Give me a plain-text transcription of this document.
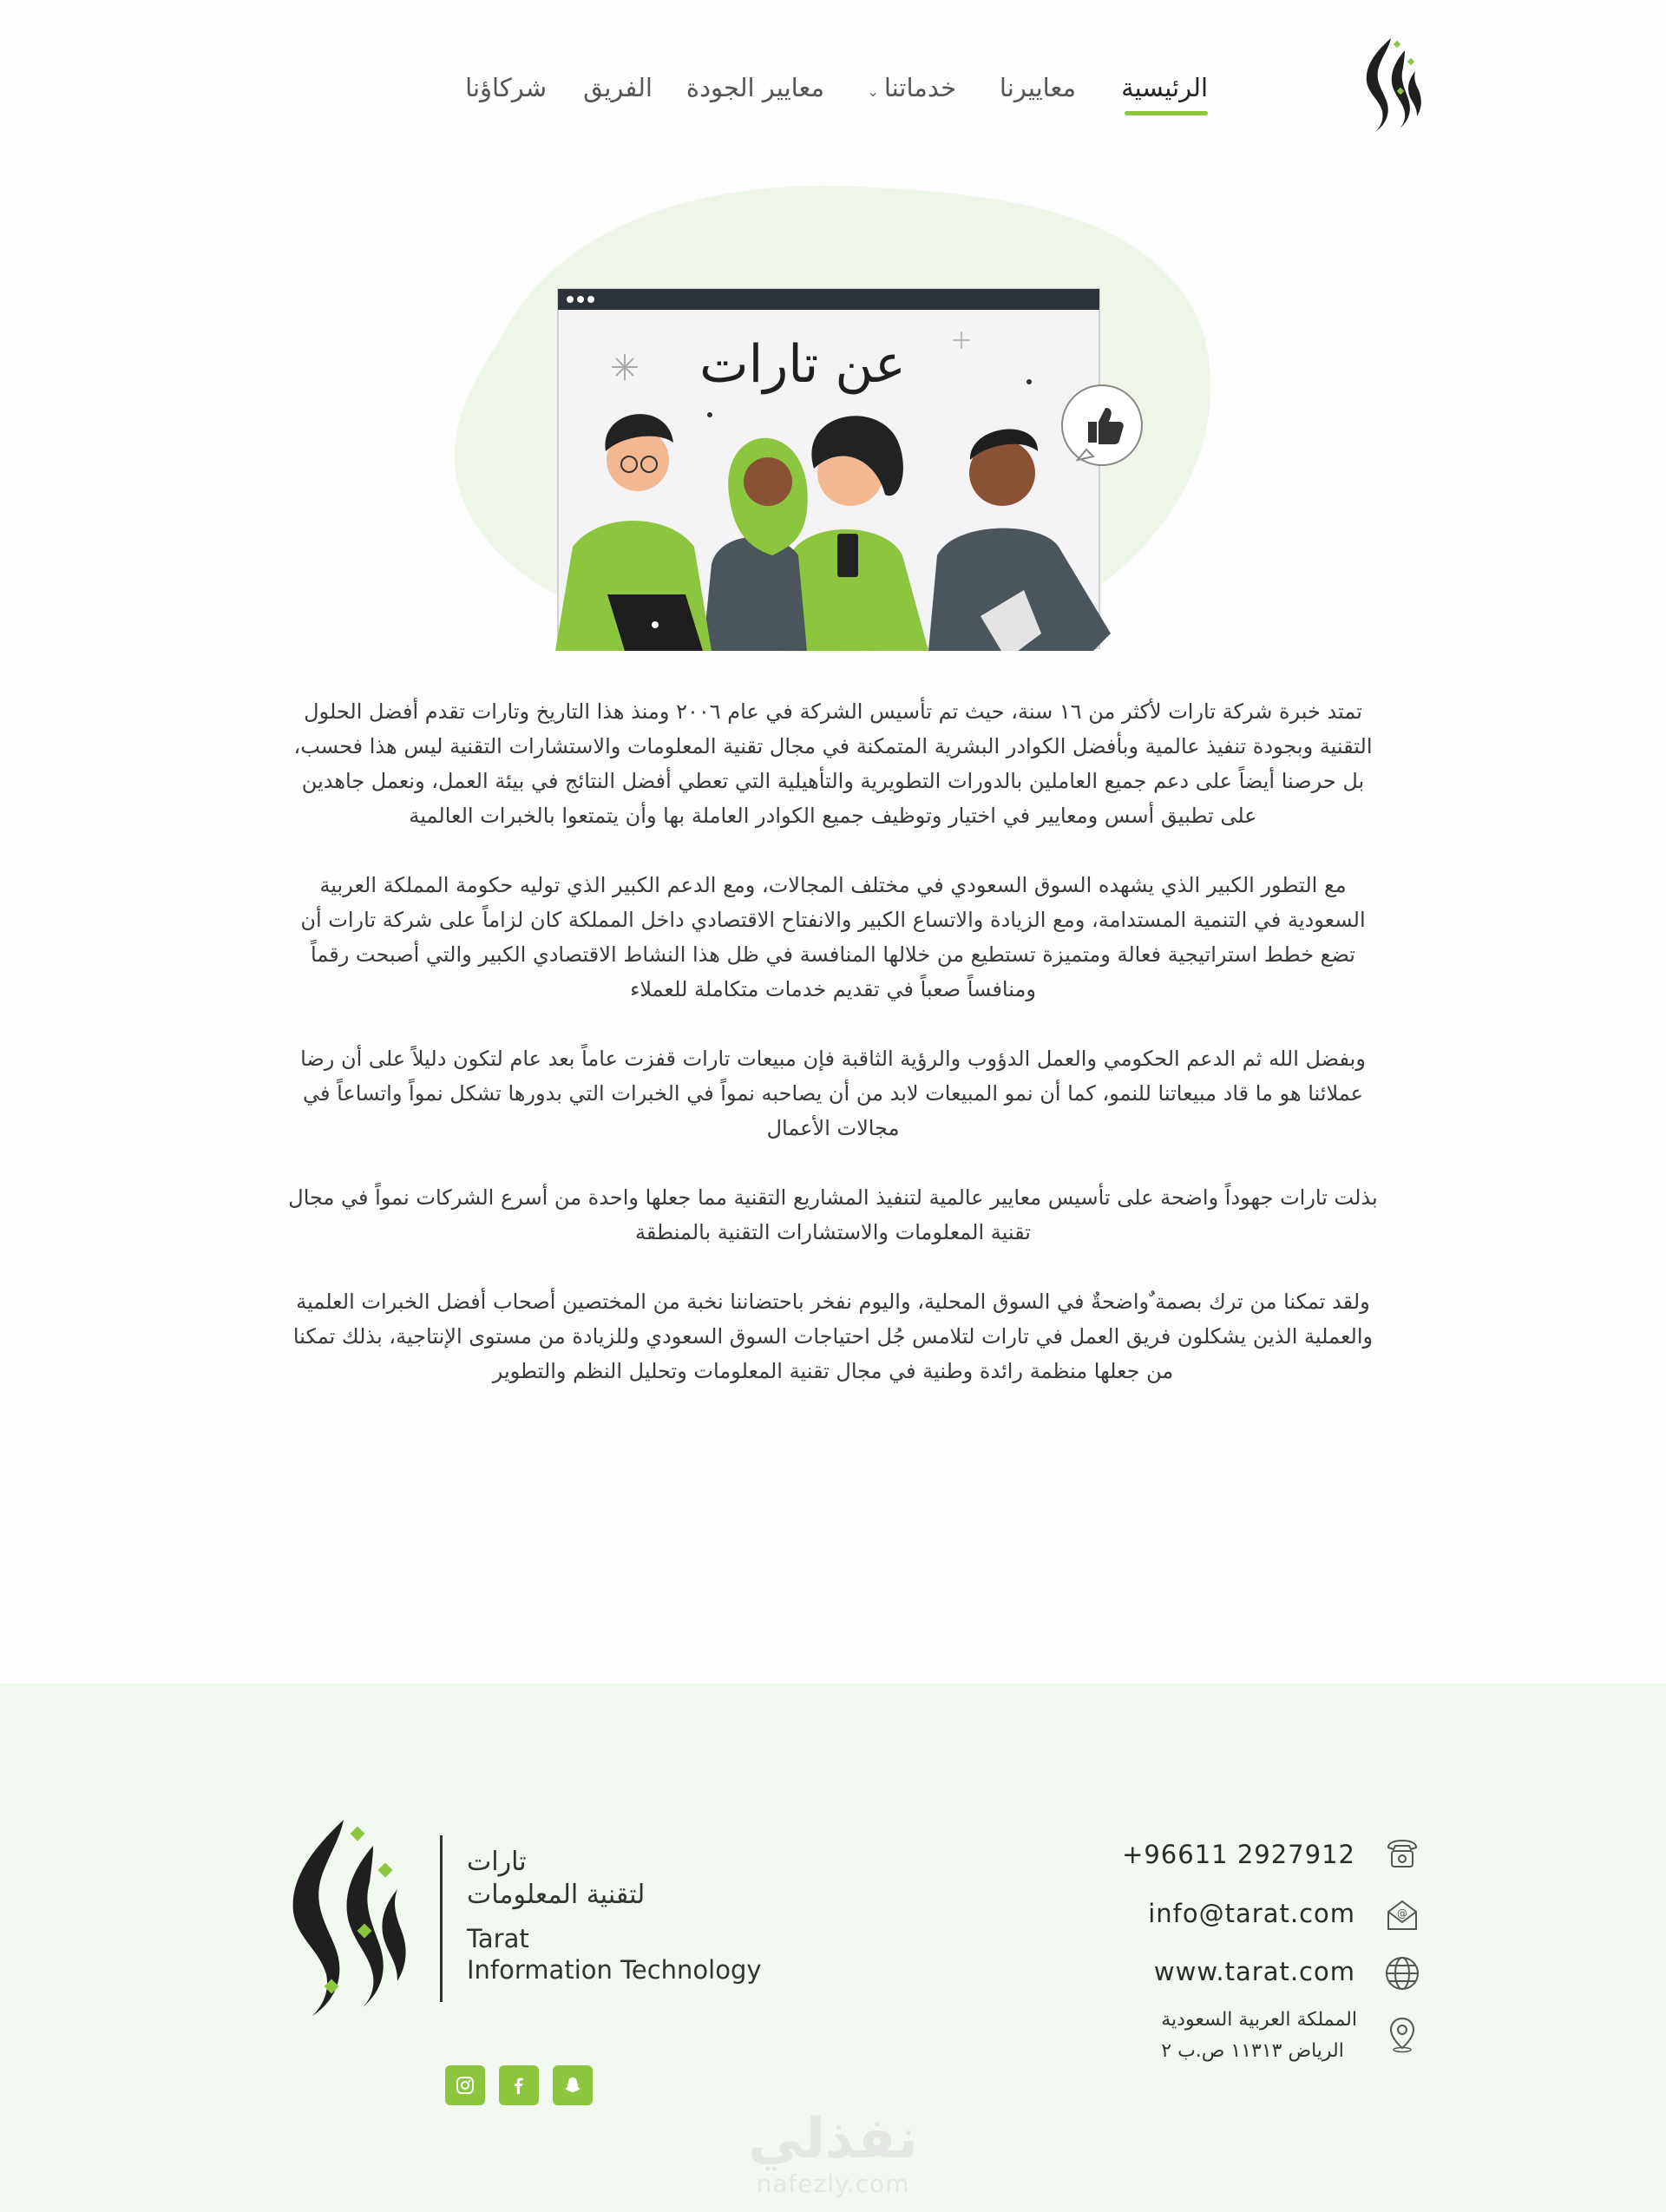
الرئيسية
معاييرنا
خدماتنا⌄
معايير الجودة
الفريق
شركاؤنا
عن تارات

تمتد خبرة شركة تارات لأكثر من ١٦ سنة، حيث تم تأسيس الشركة في عام ٢٠٠٦ ومنذ هذا التاريخ وتارات تقدم أفضل الحلول التقنية وبجودة تنفيذ عالمية وبأفضل الكوادر البشرية المتمكنة في مجال تقنية المعلومات والاستشارات التقنية ليس هذا فحسب، بل حرصنا أيضاً على دعم جميع العاملين بالدورات التطويرية والتأهيلية التي تعطي أفضل النتائج في بيئة العمل، ونعمل جاهدين على تطبيق أسس ومعايير في اختيار وتوظيف جميع الكوادر العاملة بها وأن يتمتعوا بالخبرات العالمية

مع التطور الكبير الذي يشهده السوق السعودي في مختلف المجالات، ومع الدعم الكبير الذي توليه حكومة المملكة العربية السعودية في التنمية المستدامة، ومع الزيادة والاتساع الكبير والانفتاح الاقتصادي داخل المملكة كان لزاماً على شركة تارات أن تضع خطط استراتيجية فعالة ومتميزة تستطيع من خلالها المنافسة في ظل هذا النشاط الاقتصادي الكبير والتي أصبحت رقماً ومنافساً صعباً في تقديم خدمات متكاملة للعملاء

وبفضل الله ثم الدعم الحكومي والعمل الدؤوب والرؤية الثاقبة فإن مبيعات تارات قفزت عاماً بعد عام لتكون دليلاً على أن رضا عملائنا هو ما قاد مبيعاتنا للنمو، كما أن نمو المبيعات لابد من أن يصاحبه نمواً في الخبرات التي بدورها تشكل نمواً واتساعاً في مجالات الأعمال

بذلت تارات جهوداً واضحة على تأسيس معايير عالمية لتنفيذ المشاريع التقنية مما جعلها واحدة من أسرع الشركات نمواً في مجال تقنية المعلومات والاستشارات التقنية بالمنطقة

ولقد تمكنا من ترك بصمة ٌواضحةٌ في السوق المحلية، واليوم نفخر باحتضاننا نخبة من المختصين أصحاب أفضل الخبرات العلمية والعملية الذين يشكلون فريق العمل في تارات لتلامس جُل احتياجات السوق السعودي وللزيادة من مستوى الإنتاجية، بذلك تمكنا من جعلها منظمة رائدة وطنية في مجال تقنية المعلومات وتحليل النظم والتطوير

تارات
لتقنية المعلومات
Tarat
Information Technology
+96611 2927912
info@tarat.com	@
www.tarat.com
المملكة العربية السعودية
الرياض ١١٣١٣ ص.ب ٢
نفذلي
nafezly.com
